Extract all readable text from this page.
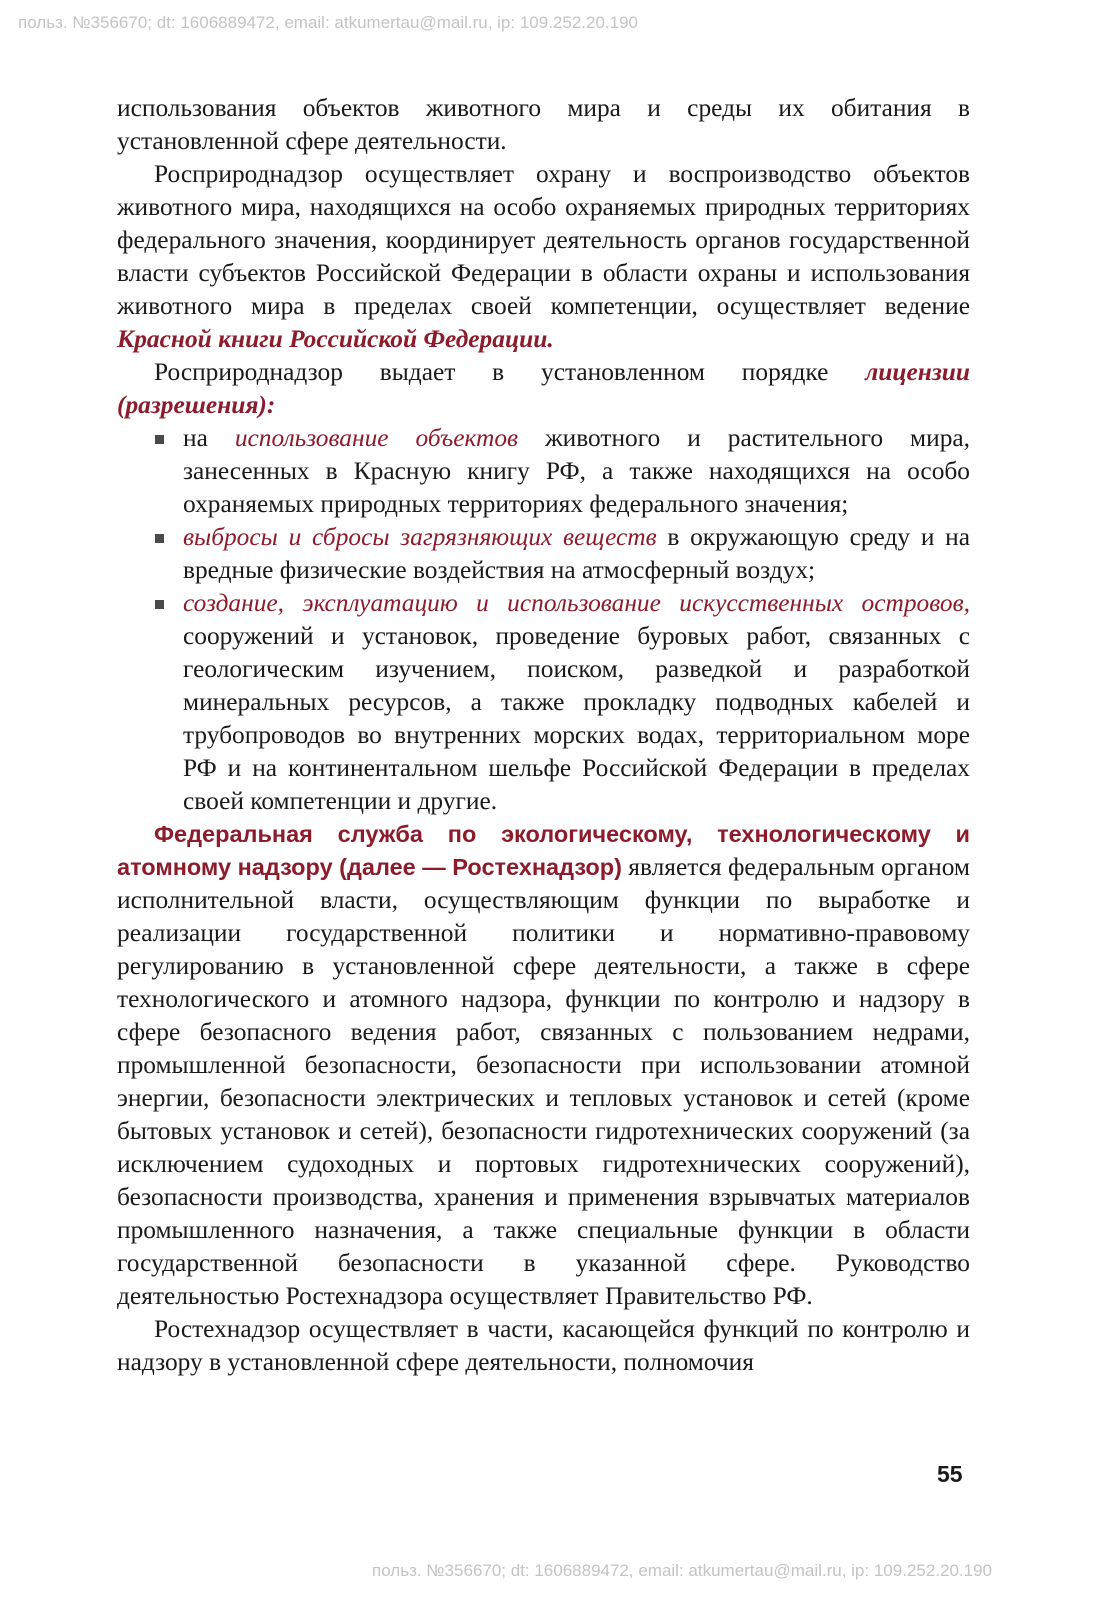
польз. №356670; dt: 1606889472, email: atkumertau@mail.ru, ip: 109.252.20.190

использования объектов животного мира и среды их обитания в установленной сфере деятельности.

Росприроднадзор осуществляет охрану и воспроизводство объектов животного мира, находящихся на особо охраняемых природных территориях федерального значения, координирует деятельность органов государственной власти субъектов Российской Федерации в области охраны и использования животного мира в пределах своей компетенции, осуществляет ведение Красной книги Российской Федерации.

Росприроднадзор выдает в установленном порядке лицензии (разрешения):

на использование объектов животного и растительного мира, занесенных в Красную книгу РФ, а также находящихся на особо охраняемых природных территориях федерального значения;
выбросы и сбросы загрязняющих веществ в окружающую среду и на вредные физические воздействия на атмосферный воздух;
создание, эксплуатацию и использование искусственных островов, сооружений и установок, проведение буровых работ, связанных с геологическим изучением, поиском, разведкой и разработкой минеральных ресурсов, а также прокладку подводных кабелей и трубопроводов во внутренних морских водах, территориальном море РФ и на континентальном шельфе Российской Федерации в пределах своей компетенции и другие.

Федеральная служба по экологическому, технологическому и атомному надзору (далее — Ростехнадзор) является федеральным органом исполнительной власти, осуществляющим функции по выработке и реализации государственной политики и нормативно-правовому регулированию в установленной сфере деятельности, а также в сфере технологического и атомного надзора, функции по контролю и надзору в сфере безопасного ведения работ, связанных с пользованием недрами, промышленной безопасности, безопасности при использовании атомной энергии, безопасности электрических и тепловых установок и сетей (кроме бытовых установок и сетей), безопасности гидротехнических сооружений (за исключением судоходных и портовых гидротехнических сооружений), безопасности производства, хранения и применения взрывчатых материалов промышленного назначения, а также специальные функции в области государственной безопасности в указанной сфере. Руководство деятельностью Ростехнадзора осуществляет Правительство РФ.

Ростехнадзор осуществляет в части, касающейся функций по контролю и надзору в установленной сфере деятельности, полномочия

55
польз. №356670; dt: 1606889472, email: atkumertau@mail.ru, ip: 109.252.20.190
